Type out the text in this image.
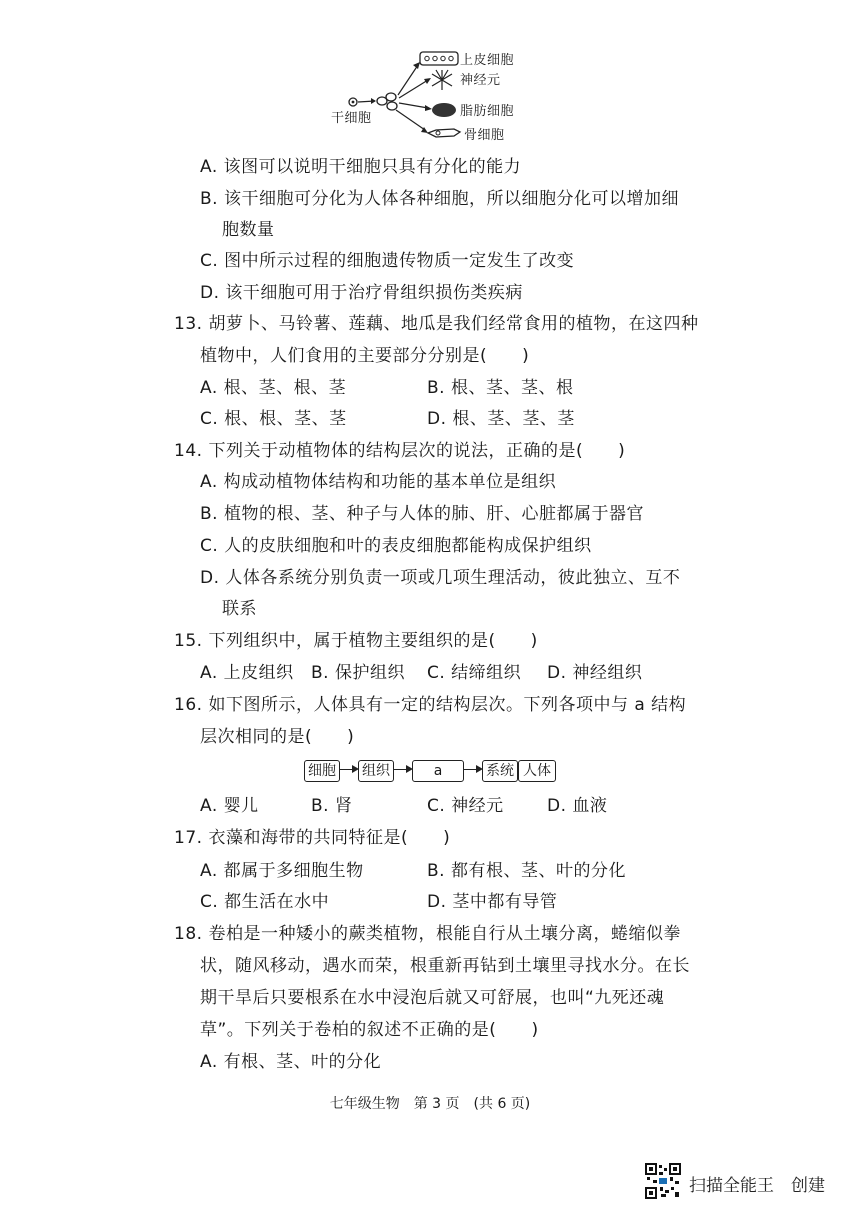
干细胞
上皮细胞
神经元
脂肪细胞
骨细胞
A. 该图可以说明干细胞只具有分化的能力
B. 该干细胞可分化为人体各种细胞，所以细胞分化可以增加细
胞数量
C. 图中所示过程的细胞遗传物质一定发生了改变
D. 该干细胞可用于治疗骨组织损伤类疾病
13. 胡萝卜、马铃薯、莲藕、地瓜是我们经常食用的植物，在这四种
植物中，人们食用的主要部分分别是(　　)
A. 根、茎、根、茎	B. 根、茎、茎、根
C. 根、根、茎、茎	D. 根、茎、茎、茎
14. 下列关于动植物体的结构层次的说法，正确的是(　　)
A. 构成动植物体结构和功能的基本单位是组织
B. 植物的根、茎、种子与人体的肺、肝、心脏都属于器官
C. 人的皮肤细胞和叶的表皮细胞都能构成保护组织
D. 人体各系统分别负责一项或几项生理活动，彼此独立、互不
联系
15. 下列组织中，属于植物主要组织的是(　　)
A. 上皮组织 B. 保护组织 C. 结缔组织 D. 神经组织
16. 如下图所示，人体具有一定的结构层次。下列各项中与 a 结构
层次相同的是(　　)
细胞 组织	a	系统 人体
A. 婴儿	B. 肾	C. 神经元	D. 血液
17. 衣藻和海带的共同特征是(　　)
A. 都属于多细胞生物	B. 都有根、茎、叶的分化
C. 都生活在水中	D. 茎中都有导管
18. 卷柏是一种矮小的蕨类植物，根能自行从土壤分离，蜷缩似拳
状，随风移动，遇水而荣，根重新再钻到土壤里寻找水分。在长
期干旱后只要根系在水中浸泡后就又可舒展，也叫“九死还魂
草”。下列关于卷柏的叙述不正确的是(　　)
A. 有根、茎、叶的分化
七年级生物　第 3 页　(共 6 页)
扫描全能王　创建
